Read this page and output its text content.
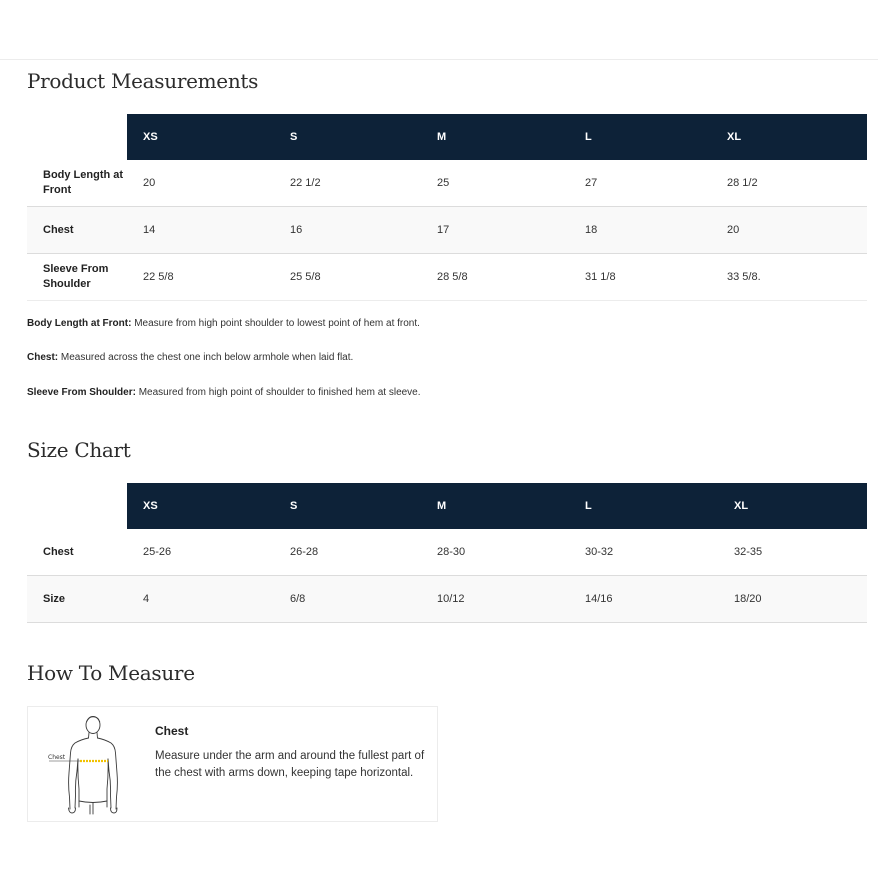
Product Measurements
	XS	S	M	L	XL
Body Length at Front	20	22 1/2	25	27	28 1/2
Chest	14	16	17	18	20
Sleeve From Shoulder	22 5/8	25 5/8	28 5/8	31 1/8	33 5/8.

Body Length at Front: Measure from high point shoulder to lowest point of hem at front.

Chest: Measured across the chest one inch below armhole when laid flat.

Sleeve From Shoulder: Measured from high point of shoulder to finished hem at sleeve.

Size Chart
	XS	S	M	L	XL
Chest	25-26	26-28	28-30	30-32	32-35
Size	4	6/8	10/12	14/16	18/20
How To Measure
Chest
Chest

Measure under the arm and around the fullest part of the chest with arms down, keeping tape horizontal.
